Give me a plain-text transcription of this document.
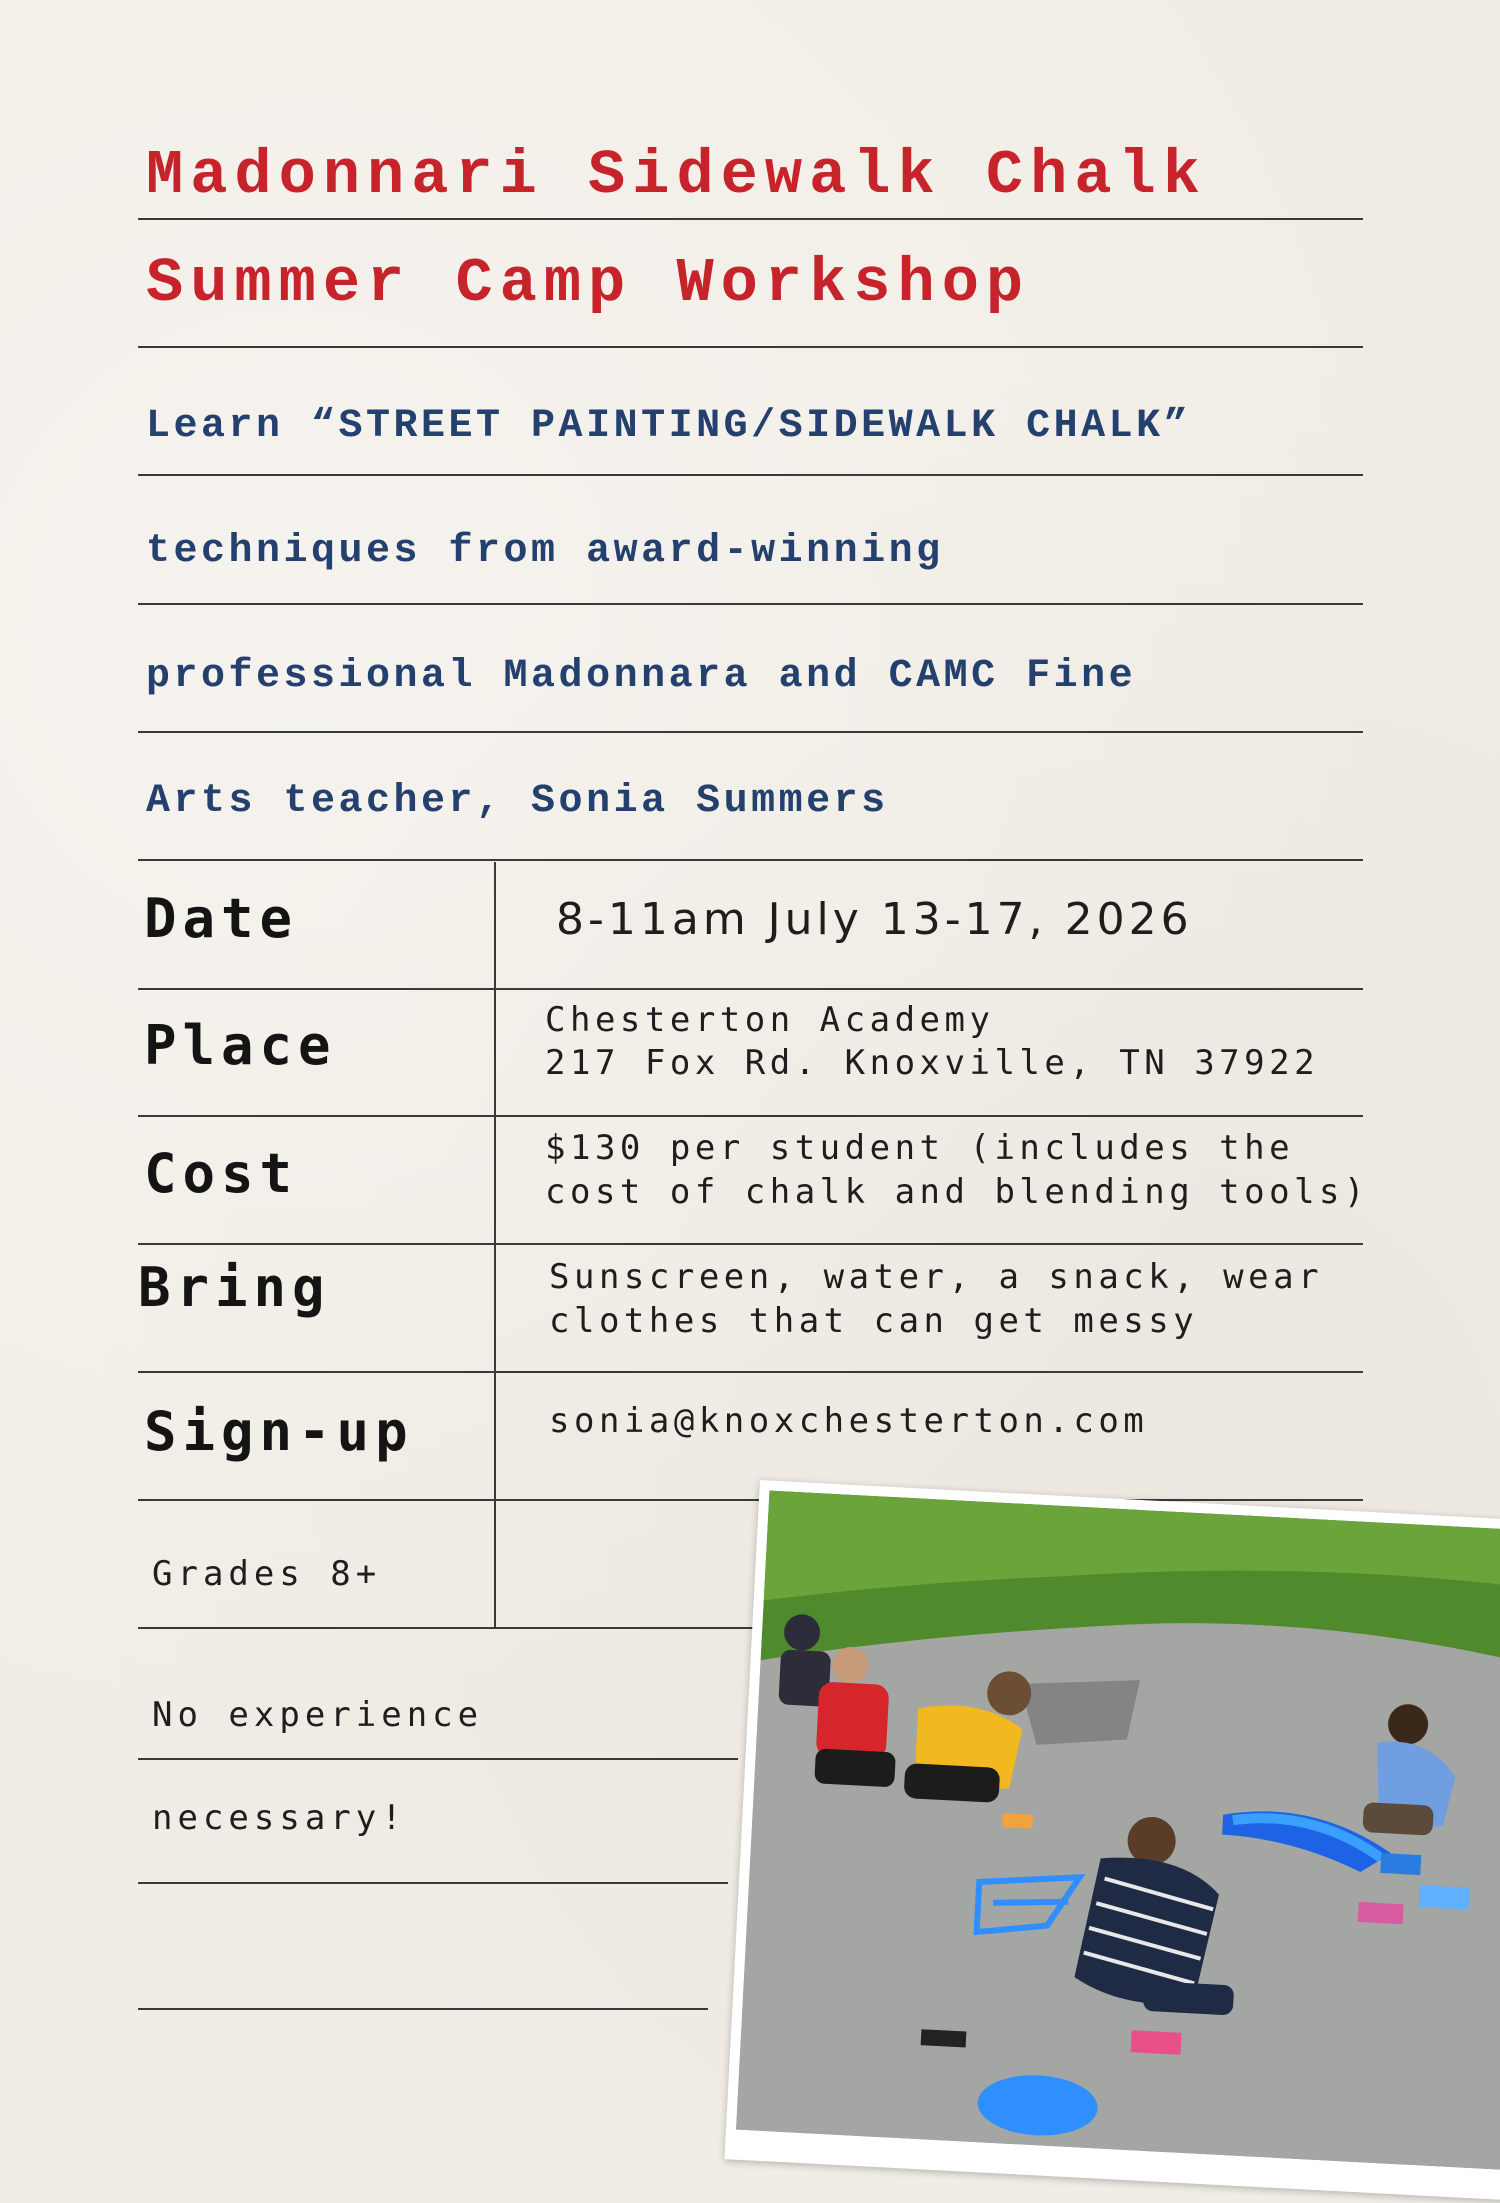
Madonnari Sidewalk Chalk
Summer Camp Workshop
Learn “STREET PAINTING/SIDEWALK CHALK”
techniques from award-winning
professional Madonnara and CAMC Fine
Arts teacher, Sonia Summers
Date	8-11am July 13-17, 2026
Place	Chesterton Academy
217 Fox Rd. Knoxville, TN 37922
Cost	$130 per student (includes the
cost of chalk and blending tools)
Bring	Sunscreen, water, a snack, wear
clothes that can get messy
Sign-up	sonia@knoxchesterton.com
Grades 8+
No experience
necessary!
